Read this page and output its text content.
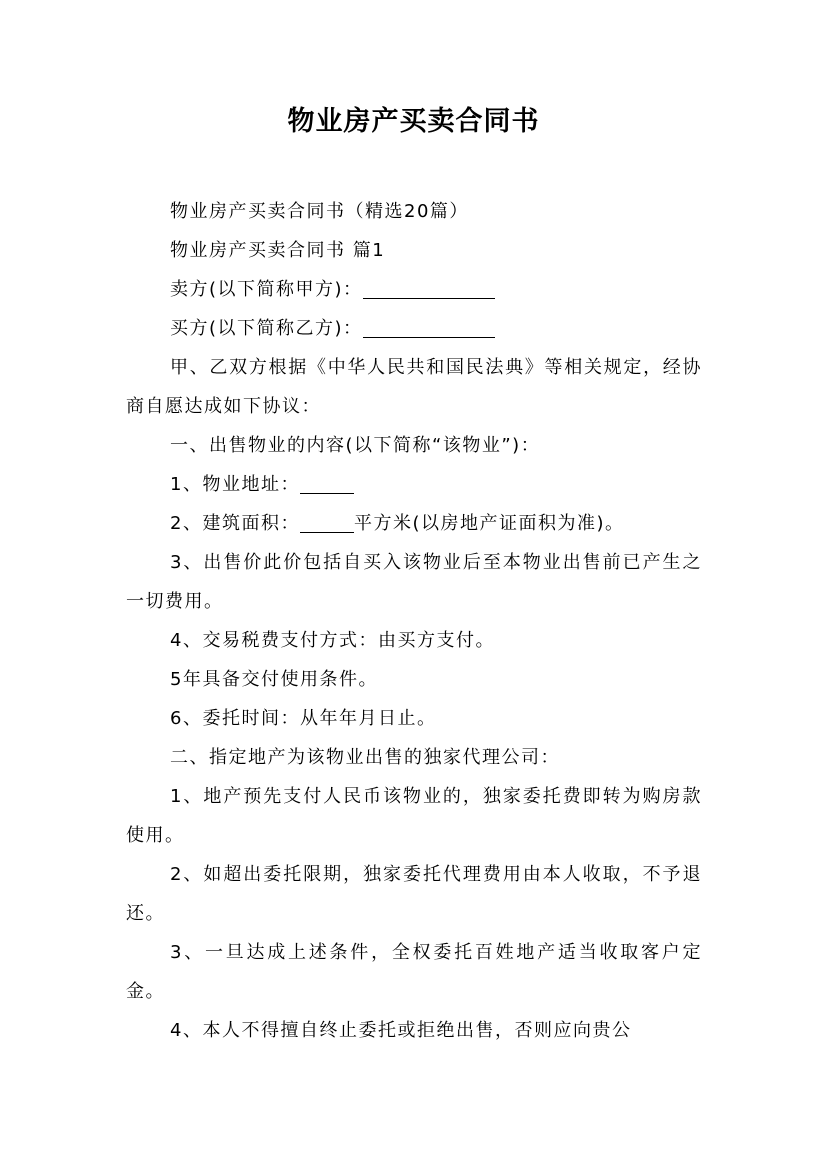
物业房产买卖合同书

物业房产买卖合同书（精选20篇）

物业房产买卖合同书 篇1

卖方(以下简称甲方)：

买方(以下简称乙方)：

甲、乙双方根据《中华人民共和国民法典》等相关规定，经协商自愿达成如下协议：

一、出售物业的内容(以下简称“该物业”)：

1、物业地址：

2、建筑面积：	平方米(以房地产证面积为准)。

3、出售价此价包括自买入该物业后至本物业出售前已产生之一切费用。

4、交易税费支付方式：由买方支付。

5年具备交付使用条件。

6、委托时间：从年年月日止。

二、指定地产为该物业出售的独家代理公司：

1、地产预先支付人民币该物业的，独家委托费即转为购房款使用。

2、如超出委托限期，独家委托代理费用由本人收取，不予退还。

3、一旦达成上述条件，全权委托百姓地产适当收取客户定金。

4、本人不得擅自终止委托或拒绝出售，否则应向贵公
